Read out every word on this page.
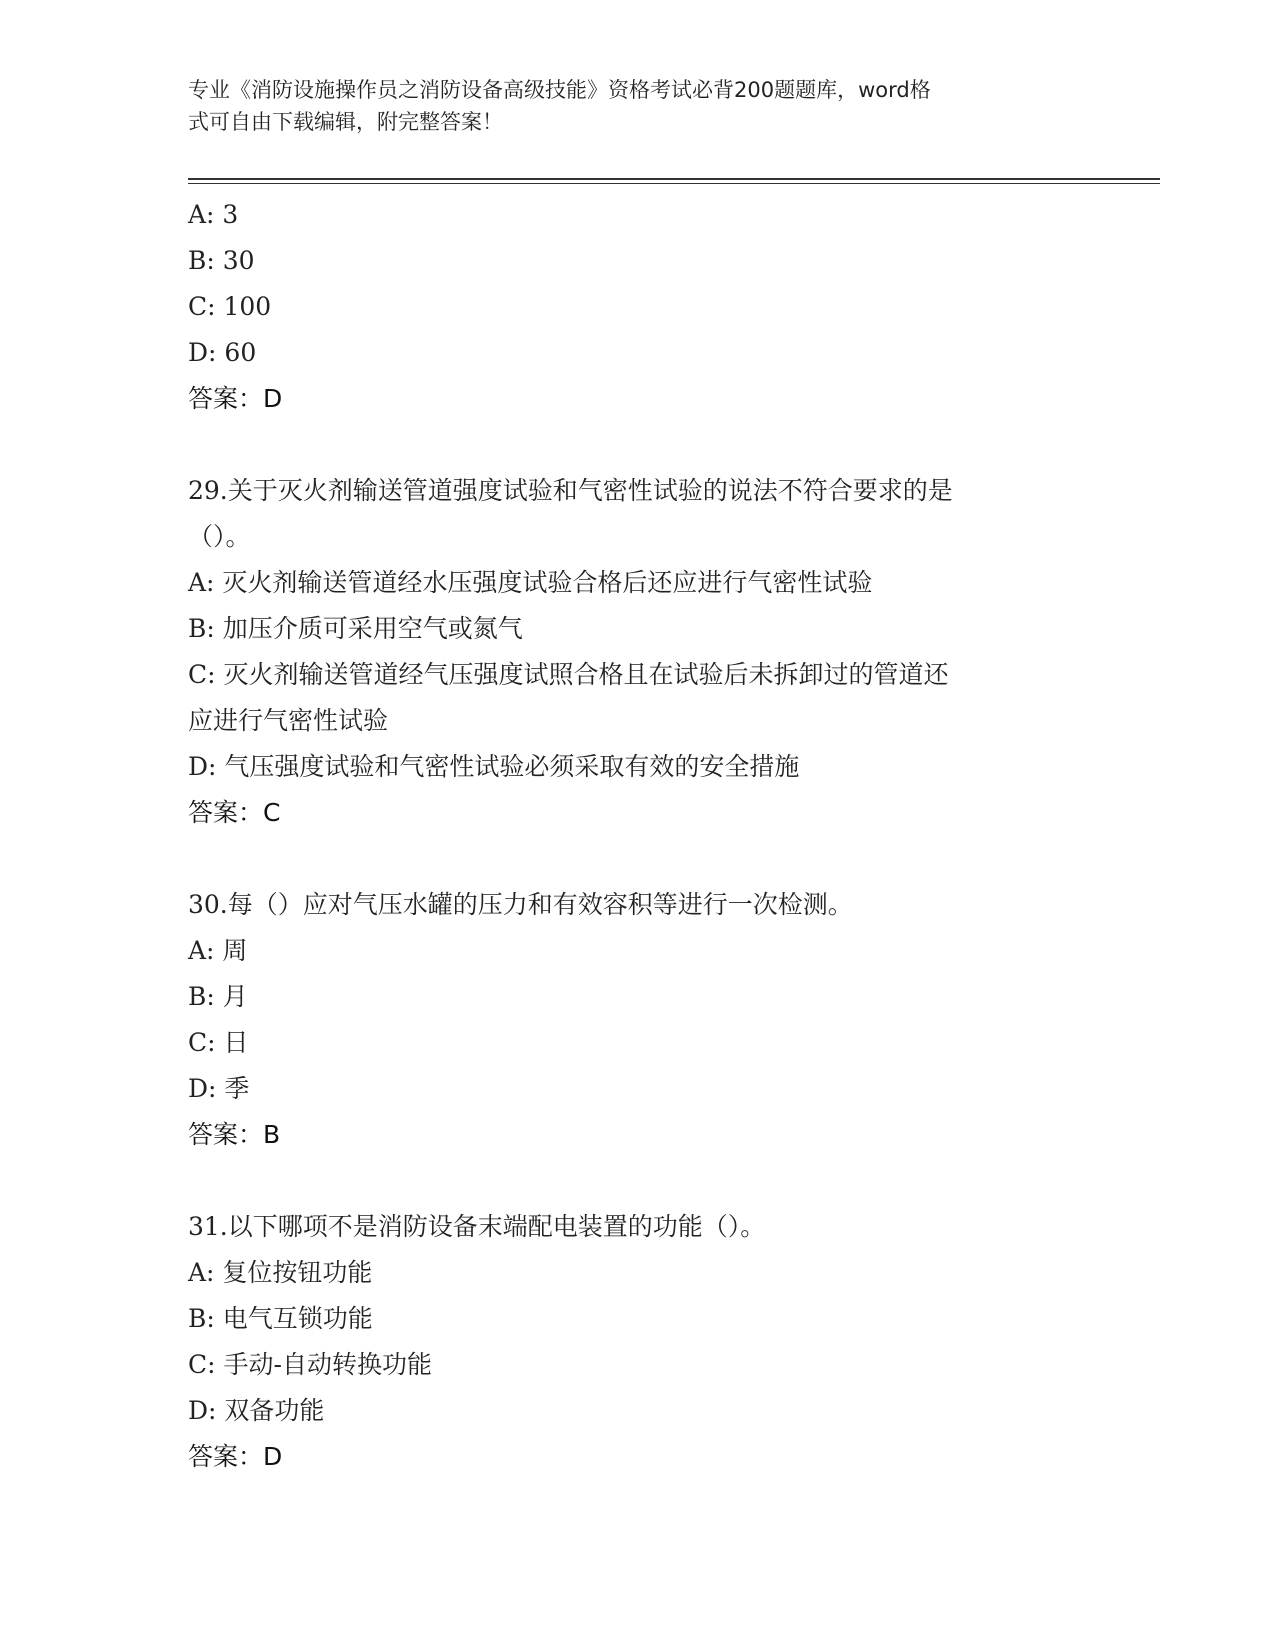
专业《消防设施操作员之消防设备高级技能》资格考试必背200题题库，word格
式可自由下载编辑，附完整答案！
A: 3
B: 30
C: 100
D: 60
答案：D
29.关于灭火剂输送管道强度试验和气密性试验的说法不符合要求的是
（）。
A: 灭火剂输送管道经水压强度试验合格后还应进行气密性试验
B: 加压介质可采用空气或氮气
C: 灭火剂输送管道经气压强度试照合格且在试验后未拆卸过的管道还
应进行气密性试验
D: 气压强度试验和气密性试验必须采取有效的安全措施
答案：C
30.每（）应对气压水罐的压力和有效容积等进行一次检测。
A: 周
B: 月
C: 日
D: 季
答案：B
31.以下哪项不是消防设备末端配电装置的功能（）。
A: 复位按钮功能
B: 电气互锁功能
C: 手动-自动转换功能
D: 双备功能
答案：D
